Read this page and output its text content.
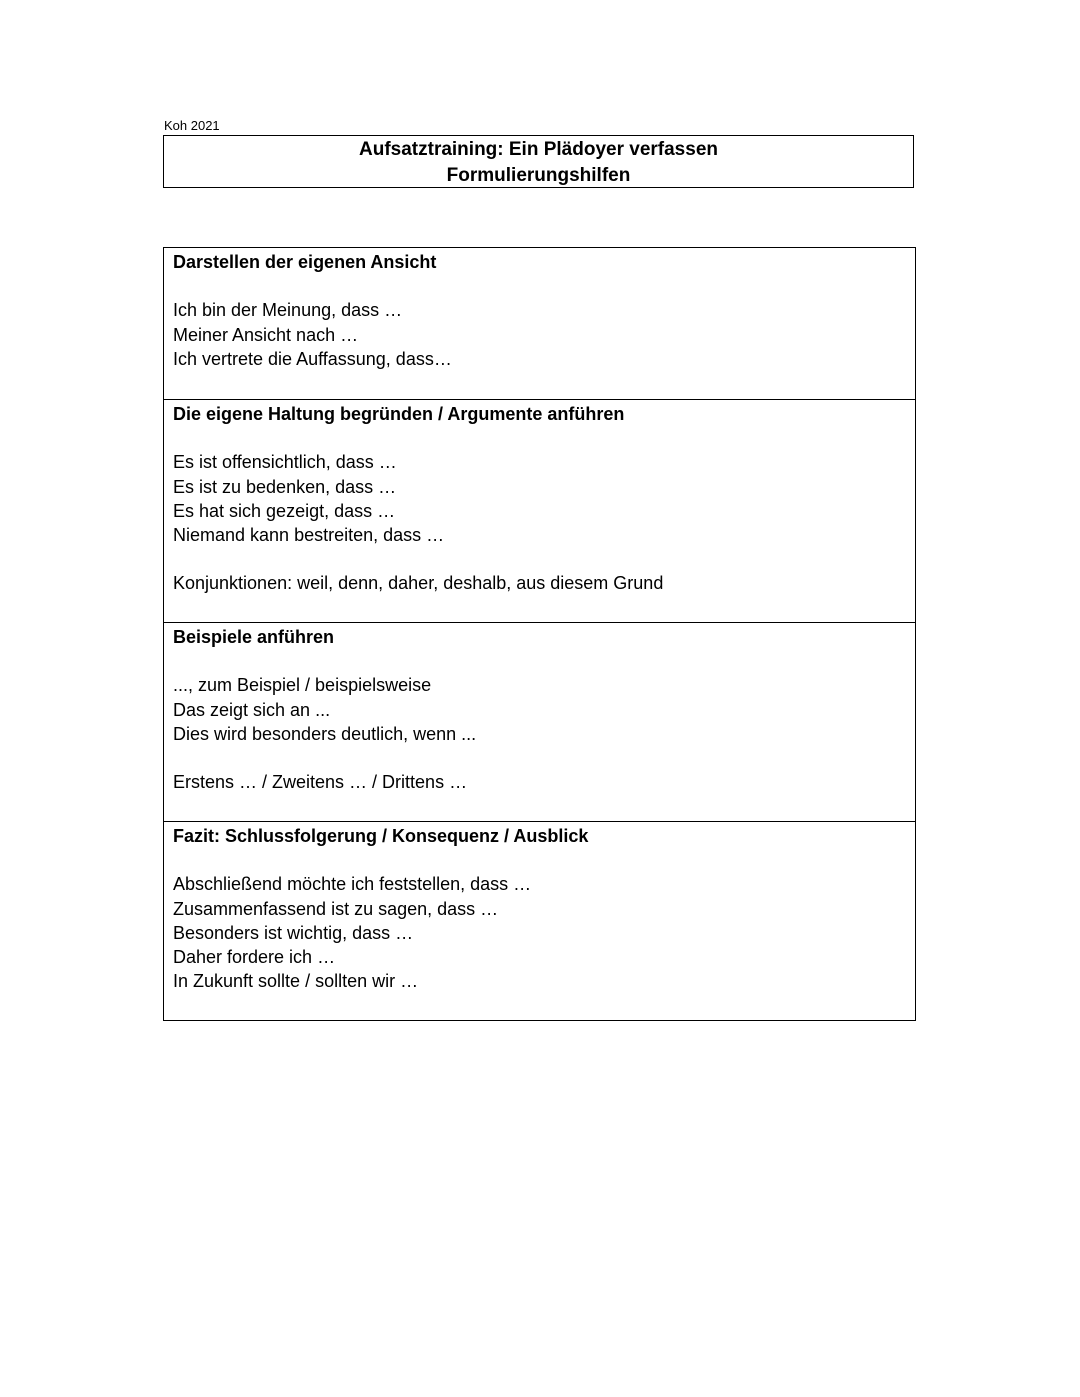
Koh 2021
Aufsatztraining: Ein Plädoyer verfassen
Formulierungshilfen

Darstellen der eigenen Ansicht

Ich bin der Meinung, dass …

Meiner Ansicht nach …

Ich vertrete die Auffassung, dass…

Die eigene Haltung begründen / Argumente anführen

Es ist offensichtlich, dass …

Es ist zu bedenken, dass …

Es hat sich gezeigt, dass …

Niemand kann bestreiten, dass …

Konjunktionen: weil, denn, daher, deshalb, aus diesem Grund

Beispiele anführen

..., zum Beispiel / beispielsweise

Das zeigt sich an ...

Dies wird besonders deutlich, wenn ...

Erstens … / Zweitens … / Drittens …

Fazit: Schlussfolgerung / Konsequenz / Ausblick

Abschließend möchte ich feststellen, dass …

Zusammenfassend ist zu sagen, dass …

Besonders ist wichtig, dass …

Daher fordere ich …

In Zukunft sollte / sollten wir …
